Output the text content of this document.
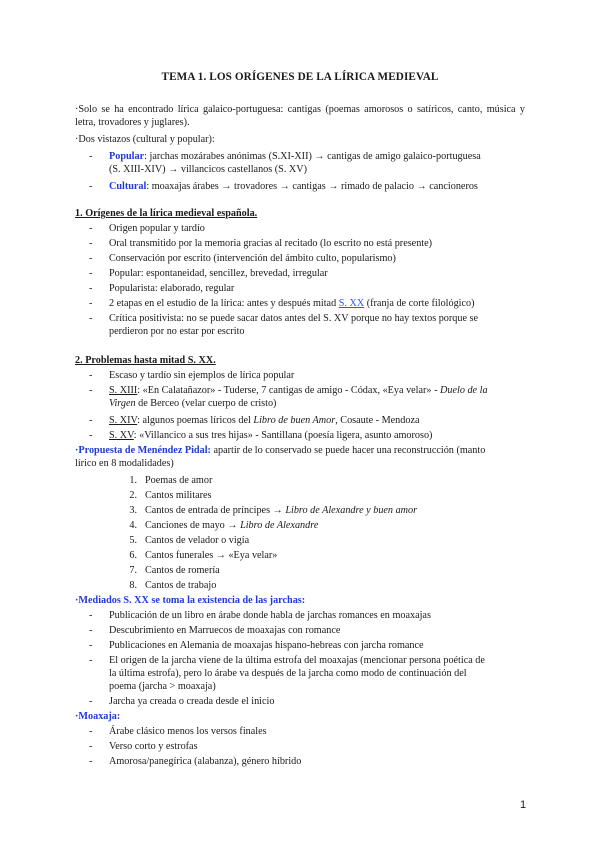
TEMA 1. LOS ORÍGENES DE LA LÍRICA MEDIEVAL
·Solo se ha encontrado lírica galaico-portuguesa: cantigas (poemas amorosos o satíricos, canto, música y letra, trovadores y juglares).
·Dos vistazos (cultural y popular):
- Popular: jarchas mozárabes anónimas (S.XI-XII) → cantigas de amigo galaico-portuguesa
(S. XIII-XIV) → villancicos castellanos (S. XV)
- Cultural: moaxajas árabes → trovadores → cantigas → rimado de palacio → cancioneros
1. Orígenes de la lírica medieval española.
- Origen popular y tardío
- Oral transmitido por la memoria gracias al recitado (lo escrito no está presente)
- Conservación por escrito (intervención del ámbito culto, popularismo)
- Popular: espontaneidad, sencillez, brevedad, irregular
- Popularista: elaborado, regular
- 2 etapas en el estudio de la lírica: antes y después mitad S. XX (franja de corte filológico)
- Crítica positivista: no se puede sacar datos antes del S. XV porque no hay textos porque se
perdieron por no estar por escrito
2. Problemas hasta mitad S. XX.
- Escaso y tardío sin ejemplos de lírica popular
- S. XIII: «En Calatañazor» - Tuderse, 7 cantigas de amigo - Códax, «Eya velar» - Duelo de la
Virgen de Berceo (velar cuerpo de cristo)
- S. XIV: algunos poemas líricos del Libro de buen Amor, Cosaute - Mendoza
- S. XV: «Villancico a sus tres hijas» - Santillana (poesía ligera, asunto amoroso)
·Propuesta de Menéndez Pidal: apartir de lo conservado se puede hacer una reconstrucción (manto
lírico en 8 modalidades)
1. Poemas de amor
2. Cantos militares
3. Cantos de entrada de príncipes → Libro de Alexandre y buen amor
4. Canciones de mayo → Libro de Alexandre
5. Cantos de velador o vigía
6. Cantos funerales → «Eya velar»
7. Cantos de romería
8. Cantos de trabajo
·Mediados S. XX se toma la existencia de las jarchas:
- Publicación de un libro en árabe donde habla de jarchas romances en moaxajas
- Descubrimiento en Marruecos de moaxajas con romance
- Publicaciones en Alemania de moaxajas hispano-hebreas con jarcha romance
- El origen de la jarcha viene de la última estrofa del moaxajas (mencionar persona poética de
la última estrofa), pero lo árabe va después de la jarcha como modo de continuación del
poema (jarcha > moaxaja)
- Jarcha ya creada o creada desde el inicio
·Moaxaja:
- Árabe clásico menos los versos finales
- Verso corto y estrofas
- Amorosa/panegírica (alabanza), género híbrido
1
